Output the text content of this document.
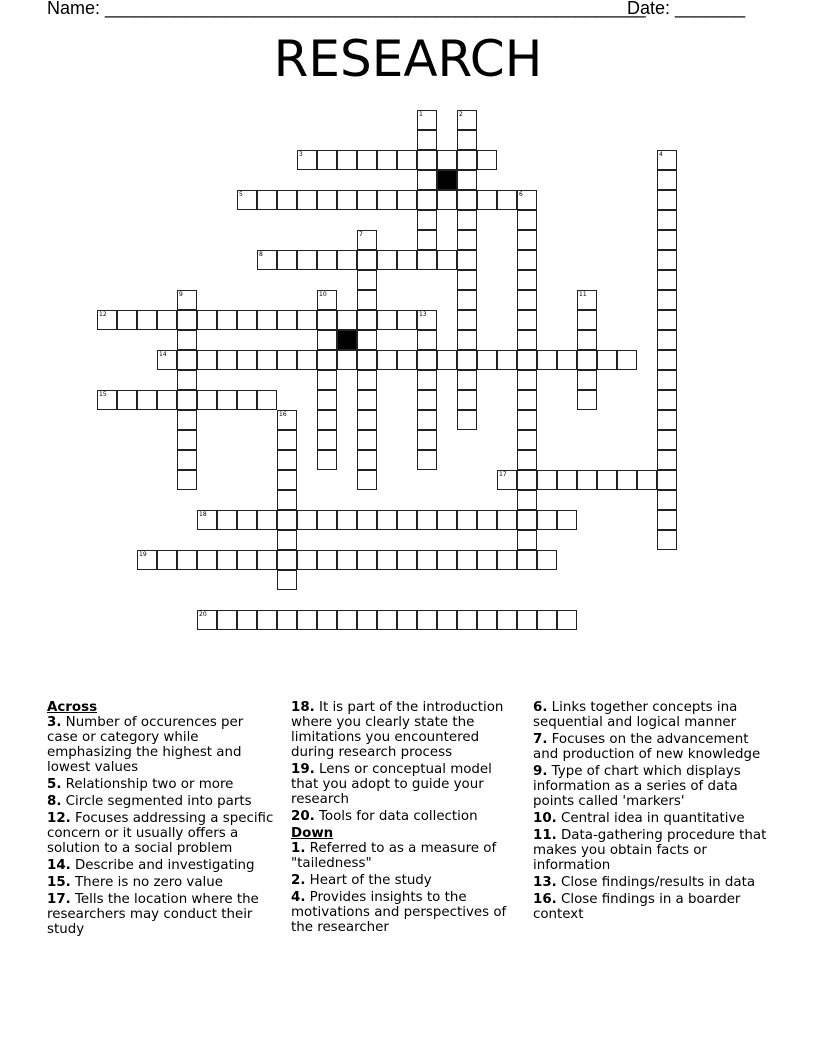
Name: ______________________________________________________
Date: _______
RESEARCH
3
5
8
12
14
15
17
18
19
20
1	2
4
6
7
9	10	11
13
16
Across
3. Number of occurences per case or category while emphasizing the highest and lowest values
5. Relationship two or more
8. Circle segmented into parts
12. Focuses addressing a specific concern or it usually offers a solution to a social problem
14. Describe and investigating
15. There is no zero value
17. Tells the location where the researchers may conduct their study
18. It is part of the introduction where you clearly state the limitations you encountered during research process
19. Lens or conceptual model that you adopt to guide your research
20. Tools for data collection
Down
1. Referred to as a measure of "tailedness"
2. Heart of the study
4. Provides insights to the motivations and perspectives of the researcher
6. Links together concepts ina sequential and logical manner
7. Focuses on the advancement and production of new knowledge
9. Type of chart which displays information as a series of data points called 'markers'
10. Central idea in quantitative
11. Data-gathering procedure that makes you obtain facts or information
13. Close findings/results in data
16. Close findings in a boarder context
